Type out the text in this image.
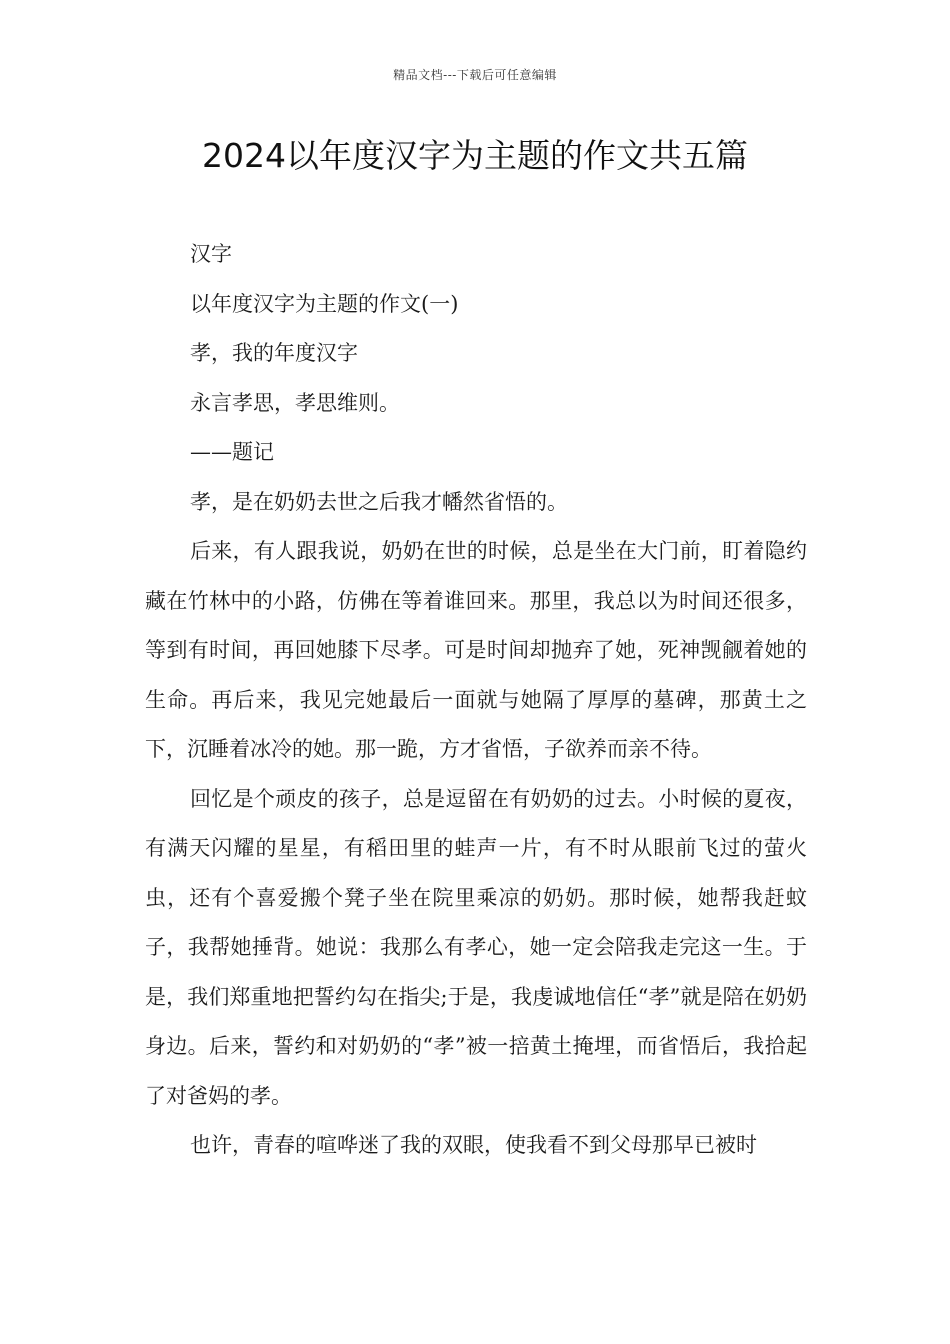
精品文档---下载后可任意编辑
2024以年度汉字为主题的作文共五篇

汉字

以年度汉字为主题的作文(一)

孝，我的年度汉字

永言孝思，孝思维则。

——题记

孝，是在奶奶去世之后我才幡然省悟的。

后来，有人跟我说，奶奶在世的时候，总是坐在大门前，盯着隐约藏在竹林中的小路，仿佛在等着谁回来。那里，我总以为时间还很多，等到有时间，再回她膝下尽孝。可是时间却抛弃了她，死神觊觎着她的生命。再后来，我见完她最后一面就与她隔了厚厚的墓碑，那黄土之下，沉睡着冰冷的她。那一跪，方才省悟，子欲养而亲不待。

回忆是个顽皮的孩子，总是逗留在有奶奶的过去。小时候的夏夜，有满天闪耀的星星，有稻田里的蛙声一片，有不时从眼前飞过的萤火虫，还有个喜爱搬个凳子坐在院里乘凉的奶奶。那时候，她帮我赶蚊子，我帮她捶背。她说：我那么有孝心，她一定会陪我走完这一生。于是，我们郑重地把誓约勾在指尖;于是，我虔诚地信任“孝”就是陪在奶奶身边。后来，誓约和对奶奶的“孝”被一掊黄土掩埋，而省悟后，我拾起了对爸妈的孝。

也许，青春的喧哗迷了我的双眼，使我看不到父母那早已被时
